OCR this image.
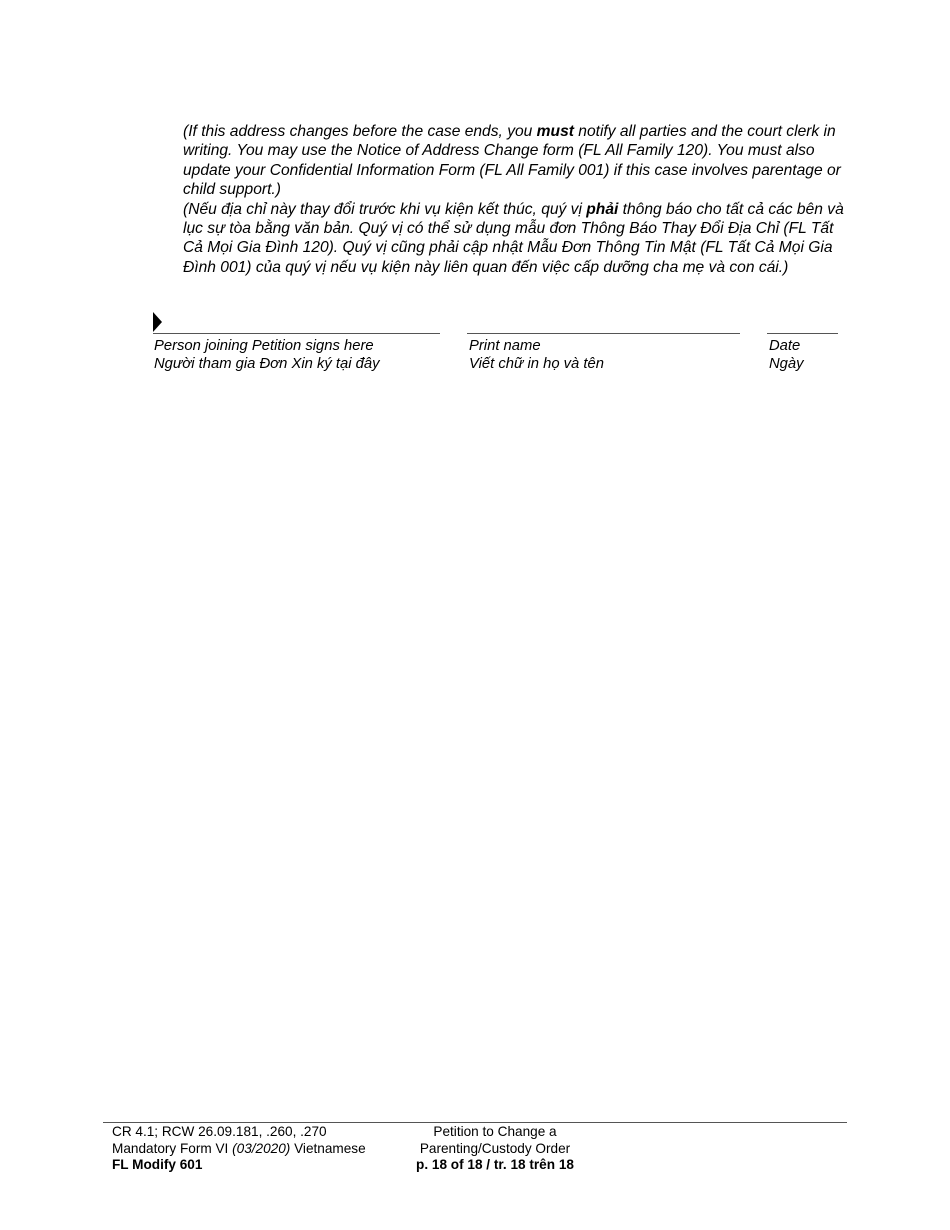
(If this address changes before the case ends, you must notify all parties and the court clerk in writing. You may use the Notice of Address Change form (FL All Family 120). You must also update your Confidential Information Form (FL All Family 001) if this case involves parentage or child support.)

(Nếu địa chỉ này thay đổi trước khi vụ kiện kết thúc, quý vị phải thông báo cho tất cả các bên và lục sự tòa bằng văn bản. Quý vị có thể sử dụng mẫu đơn Thông Báo Thay Đổi Địa Chỉ (FL Tất Cả Mọi Gia Đình 120). Quý vị cũng phải cập nhật Mẫu Đơn Thông Tin Mật (FL Tất Cả Mọi Gia Đình 001) của quý vị nếu vụ kiện này liên quan đến việc cấp dưỡng cha mẹ và con cái.)

Person joining Petition signs here
Người tham gia Đơn Xin ký tại đây
Print name
Viết chữ in họ và tên
Date
Ngày
CR 4.1; RCW 26.09.181, .260, .270
Mandatory Form VI (03/2020) Vietnamese
FL Modify 601
Petition to Change a
Parenting/Custody Order
p. 18 of 18 / tr. 18 trên 18
